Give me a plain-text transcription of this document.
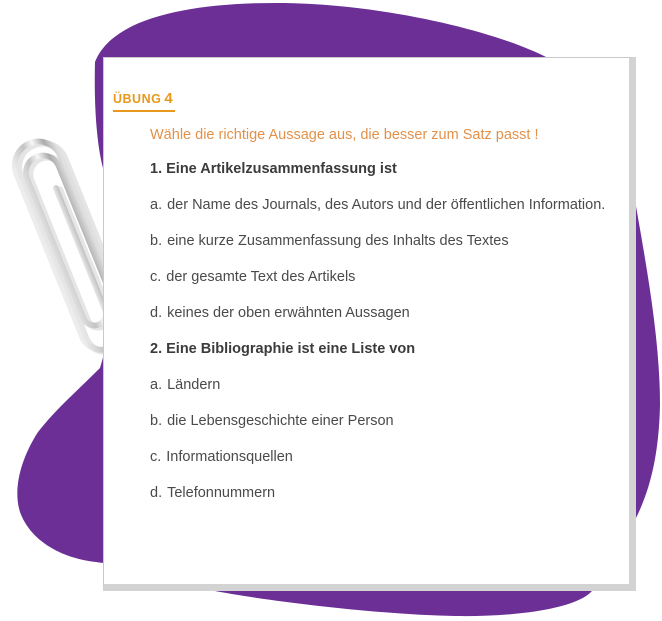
ÜBUNG 4

Wähle die richtige Aussage aus, die besser zum Satz passt !

1. Eine Artikelzusammenfassung ist

a. der Name des Journals, des Autors und der öffentlichen Information.

b. eine kurze Zusammenfassung des Inhalts des Textes

c. der gesamte Text des Artikels

d. keines der oben erwähnten Aussagen

2. Eine Bibliographie ist eine Liste von

a. Ländern

b. die Lebensgeschichte einer Person

c. Informationsquellen

d. Telefonnummern
